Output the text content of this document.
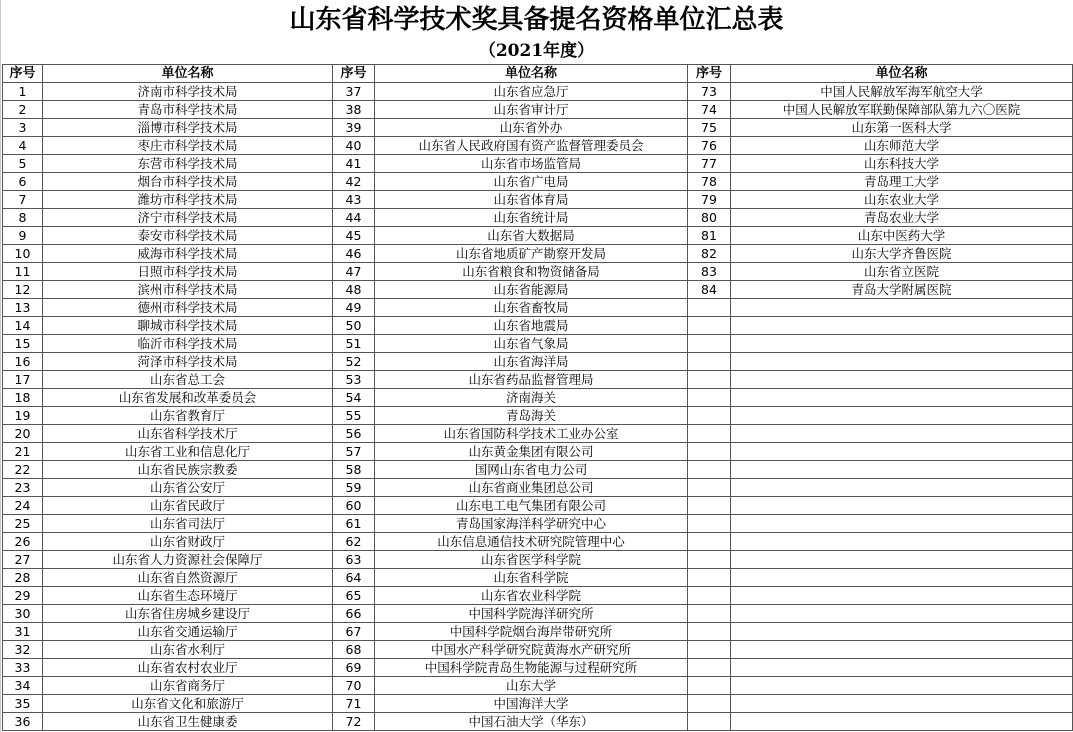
山东省科学技术奖具备提名资格单位汇总表
（2021年度）
序号	单位名称	序号	单位名称	序号	单位名称
1	济南市科学技术局	37	山东省应急厅	73	中国人民解放军海军航空大学
2	青岛市科学技术局	38	山东省审计厅	74	中国人民解放军联勤保障部队第九六〇医院
3	淄博市科学技术局	39	山东省外办	75	山东第一医科大学
4	枣庄市科学技术局	40	山东省人民政府国有资产监督管理委员会	76	山东师范大学
5	东营市科学技术局	41	山东省市场监管局	77	山东科技大学
6	烟台市科学技术局	42	山东省广电局	78	青岛理工大学
7	潍坊市科学技术局	43	山东省体育局	79	山东农业大学
8	济宁市科学技术局	44	山东省统计局	80	青岛农业大学
9	泰安市科学技术局	45	山东省大数据局	81	山东中医药大学
10	威海市科学技术局	46	山东省地质矿产勘察开发局	82	山东大学齐鲁医院
11	日照市科学技术局	47	山东省粮食和物资储备局	83	山东省立医院
12	滨州市科学技术局	48	山东省能源局	84	青岛大学附属医院
13	德州市科学技术局	49	山东省畜牧局		
14	聊城市科学技术局	50	山东省地震局		
15	临沂市科学技术局	51	山东省气象局		
16	菏泽市科学技术局	52	山东省海洋局		
17	山东省总工会	53	山东省药品监督管理局		
18	山东省发展和改革委员会	54	济南海关		
19	山东省教育厅	55	青岛海关		
20	山东省科学技术厅	56	山东省国防科学技术工业办公室		
21	山东省工业和信息化厅	57	山东黄金集团有限公司		
22	山东省民族宗教委	58	国网山东省电力公司		
23	山东省公安厅	59	山东省商业集团总公司		
24	山东省民政厅	60	山东电工电气集团有限公司		
25	山东省司法厅	61	青岛国家海洋科学研究中心		
26	山东省财政厅	62	山东信息通信技术研究院管理中心		
27	山东省人力资源社会保障厅	63	山东省医学科学院		
28	山东省自然资源厅	64	山东省科学院		
29	山东省生态环境厅	65	山东省农业科学院		
30	山东省住房城乡建设厅	66	中国科学院海洋研究所		
31	山东省交通运输厅	67	中国科学院烟台海岸带研究所		
32	山东省水利厅	68	中国水产科学研究院黄海水产研究所		
33	山东省农村农业厅	69	中国科学院青岛生物能源与过程研究所		
34	山东省商务厅	70	山东大学		
35	山东省文化和旅游厅	71	中国海洋大学		
36	山东省卫生健康委	72	中国石油大学（华东）		
